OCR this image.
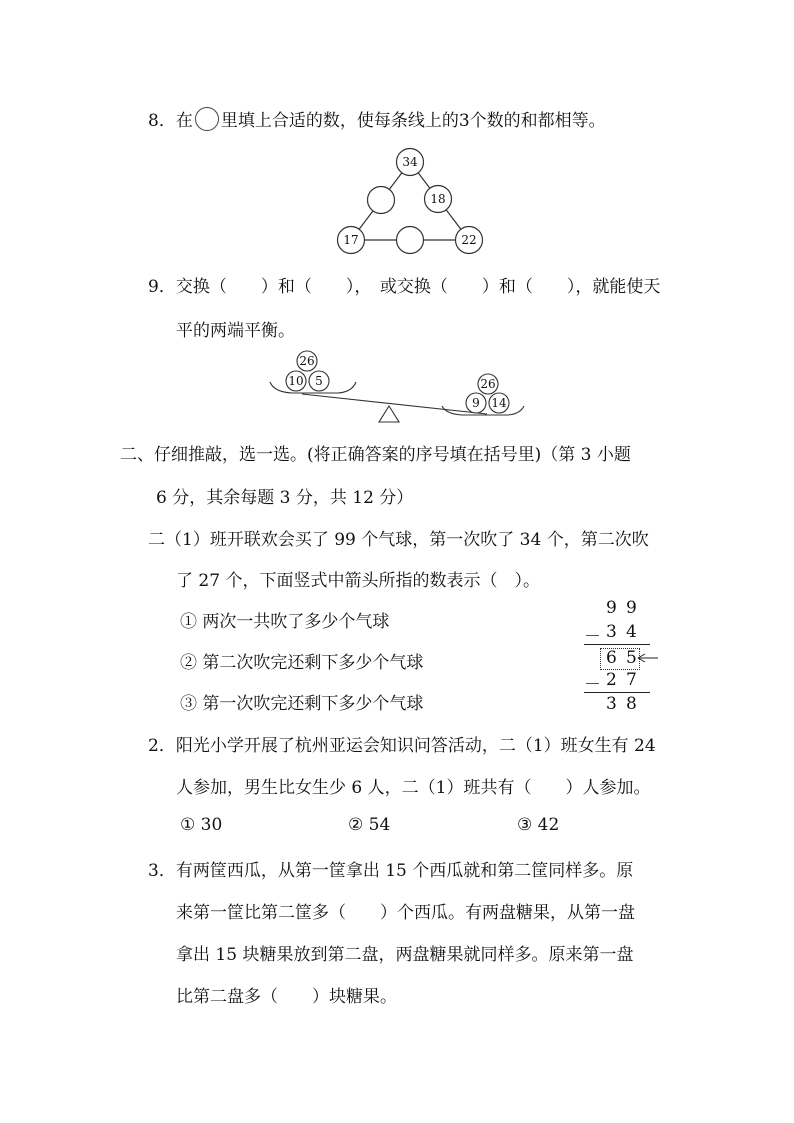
8．在 里填上合适的数，使每条线上的3个数的和都相等。
34
18
17	22
9．交换（　　）和（　　），　或交换（　　）和（　　），就能使天
平的两端平衡。
26
10 5	26
9 14
二、仔细推敲，选一选。(将正确答案的序号填在括号里)（第 3 小题
6 分，其余每题 3 分，共 12 分）
二（1）班开联欢会买了 99 个气球，第一次吹了 34 个，第二次吹
了 27 个，下面竖式中箭头所指的数表示（　）。
① 两次一共吹了多少个气球
② 第二次吹完还剩下多少个气球
③ 第一次吹完还剩下多少个气球
9 9
－ 3 4
6 5
－ 2 7
3 8
2．阳光小学开展了杭州亚运会知识问答活动，二（1）班女生有 24
人参加，男生比女生少 6 人，二（1）班共有（　　）人参加。
① 30	② 54	③ 42
3．有两筐西瓜，从第一筐拿出 15 个西瓜就和第二筐同样多。原
来第一筐比第二筐多（　　）个西瓜。有两盘糖果，从第一盘
拿出 15 块糖果放到第二盘，两盘糖果就同样多。原来第一盘
比第二盘多（　　）块糖果。
